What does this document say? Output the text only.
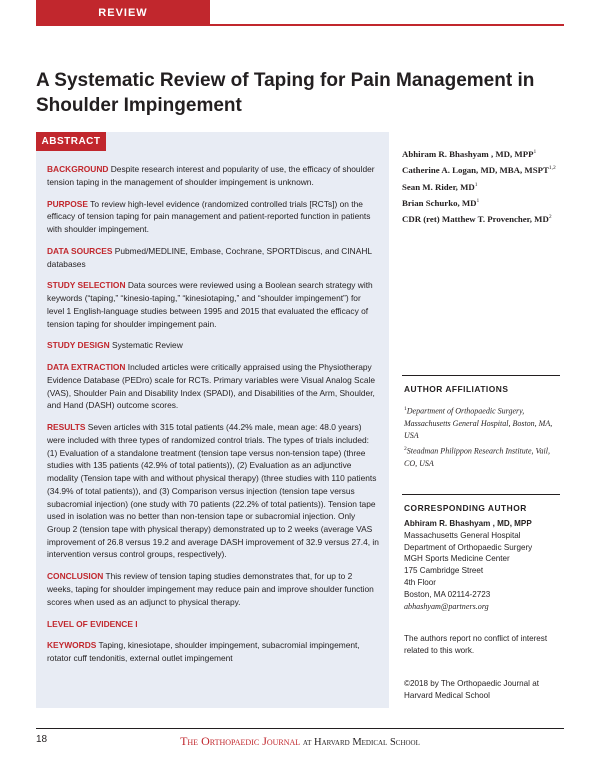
REVIEW
A Systematic Review of Taping for Pain Management in Shoulder Impingement
ABSTRACT

BACKGROUND Despite research interest and popularity of use, the efficacy of shoulder tension taping in the management of shoulder impingement is unknown.

PURPOSE To review high-level evidence (randomized controlled trials [RCTs]) on the efficacy of tension taping for pain management and patient-reported function in patients with shoulder impingement.

DATA SOURCES Pubmed/MEDLINE, Embase, Cochrane, SPORTDiscus, and CINAHL databases

STUDY SELECTION Data sources were reviewed using a Boolean search strategy with keywords (“taping,” “kinesio-taping,” “kinesiotaping,” and “shoulder impingement”) for level 1 English-language studies between 1995 and 2015 that evaluated the efficacy of tension taping for shoulder impingement pain.

STUDY DESIGN Systematic Review

DATA EXTRACTION Included articles were critically appraised using the Physiotherapy Evidence Database (PEDro) scale for RCTs. Primary variables were Visual Analog Scale (VAS), Shoulder Pain and Disability Index (SPADI), and Disabilities of the Arm, Shoulder, and Hand (DASH) outcome scores.

RESULTS Seven articles with 315 total patients (44.2% male, mean age: 48.0 years) were included with three types of randomized control trials. The types of trials included: (1) Evaluation of a standalone treatment (tension tape versus non-tension tape) (three studies with 135 patients (42.9% of total patients)), (2) Evaluation as an adjunctive modality (Tension tape with and without physical therapy) (three studies with 110 patients (34.9% of total patients)), and (3) Comparison versus injection (tension tape versus subacromial injection) (one study with 70 patients (22.2% of total patients)). Tension tape used in isolation was no better than non-tension tape or subacromial injection. Only Group 2 (tension tape with physical therapy) demonstrated up to 2 weeks (average VAS improvement of 26.8 versus 19.2 and average DASH improvement of 32.9 versus 27.4, in intervention versus control groups, respectively).

CONCLUSION This review of tension taping studies demonstrates that, for up to 2 weeks, taping for shoulder impingement may reduce pain and improve shoulder function scores when used as an adjunct to physical therapy.

LEVEL OF EVIDENCE I

KEYWORDS Taping, kinesiotape, shoulder impingement, subacromial impingement, rotator cuff tendonitis, external outlet impingement

Abhiram R. Bhashyam , MD, MPP$^1$
Catherine A. Logan, MD, MBA, MSPT$^{1,2}$
Sean M. Rider, $MD^1$
Brian Schurko, $MD^1$
CDR (ret) Matthew T. Provencher, $MD^2$
AUTHOR AFFILIATIONS

$^1$Department of Orthopaedic Surgery, Massachusetts General Hospital, Boston, MA, USA

$^2$Steadman Philippon Research Institute, Vail, CO, USA

CORRESPONDING AUTHOR
Abhiram R. Bhashyam , MD, MPP
Massachusetts General Hospital
Department of Orthopaedic Surgery
MGH Sports Medicine Center
175 Cambridge Street
4th Floor
Boston, MA 02114-2723
abhashyam@partners.org

The authors report no conflict of interest related to this work.

©2018 by The Orthopaedic Journal at Harvard Medical School

18	The Orthopaedic Journal at Harvard Medical School
